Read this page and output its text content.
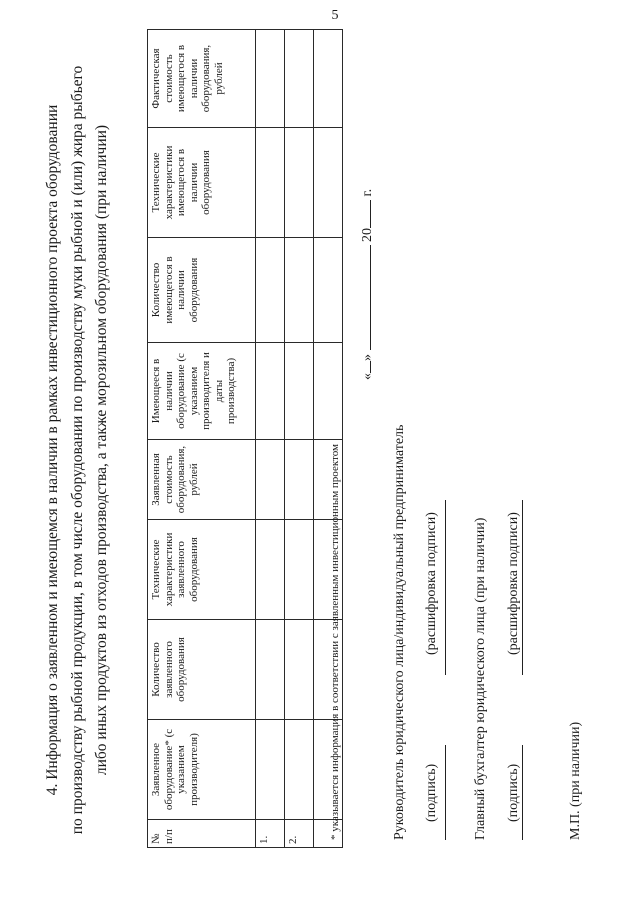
5
4. Информация о заявленном и имеющемся в наличии в рамках инвестиционного проекта оборудовании по производству рыбной продукции, в том числе оборудовании по производству муки рыбной и (или) жира рыбьего либо иных продуктов из отходов производства, а также морозильном оборудования (при наличии)
№ п/п	Заявленное оборудование* (с указанием производителя)	Количество заявленного оборудования	Технические характеристики заявленного оборудования	Заявленная стоимость оборудования, рублей	Имеющееся в наличии оборудование (с указанием производителя и даты производства)	Количество имеющегося в наличии оборудования	Технические характеристики имеющегося в наличии оборудования	Фактическая стоимость имеющегося в наличии оборудования, рублей
1.								
2.								
									* указывается информация в соответствии с заявленным инвестиционным проектом
«»  20 г.
Руководитель юридического лица/индивидуальный предприниматель (подпись)
(расшифровка подписи) Главный бухгалтер юридического лица (при наличии) (подпись)
(расшифровка подписи)
М.П. (при наличии)
